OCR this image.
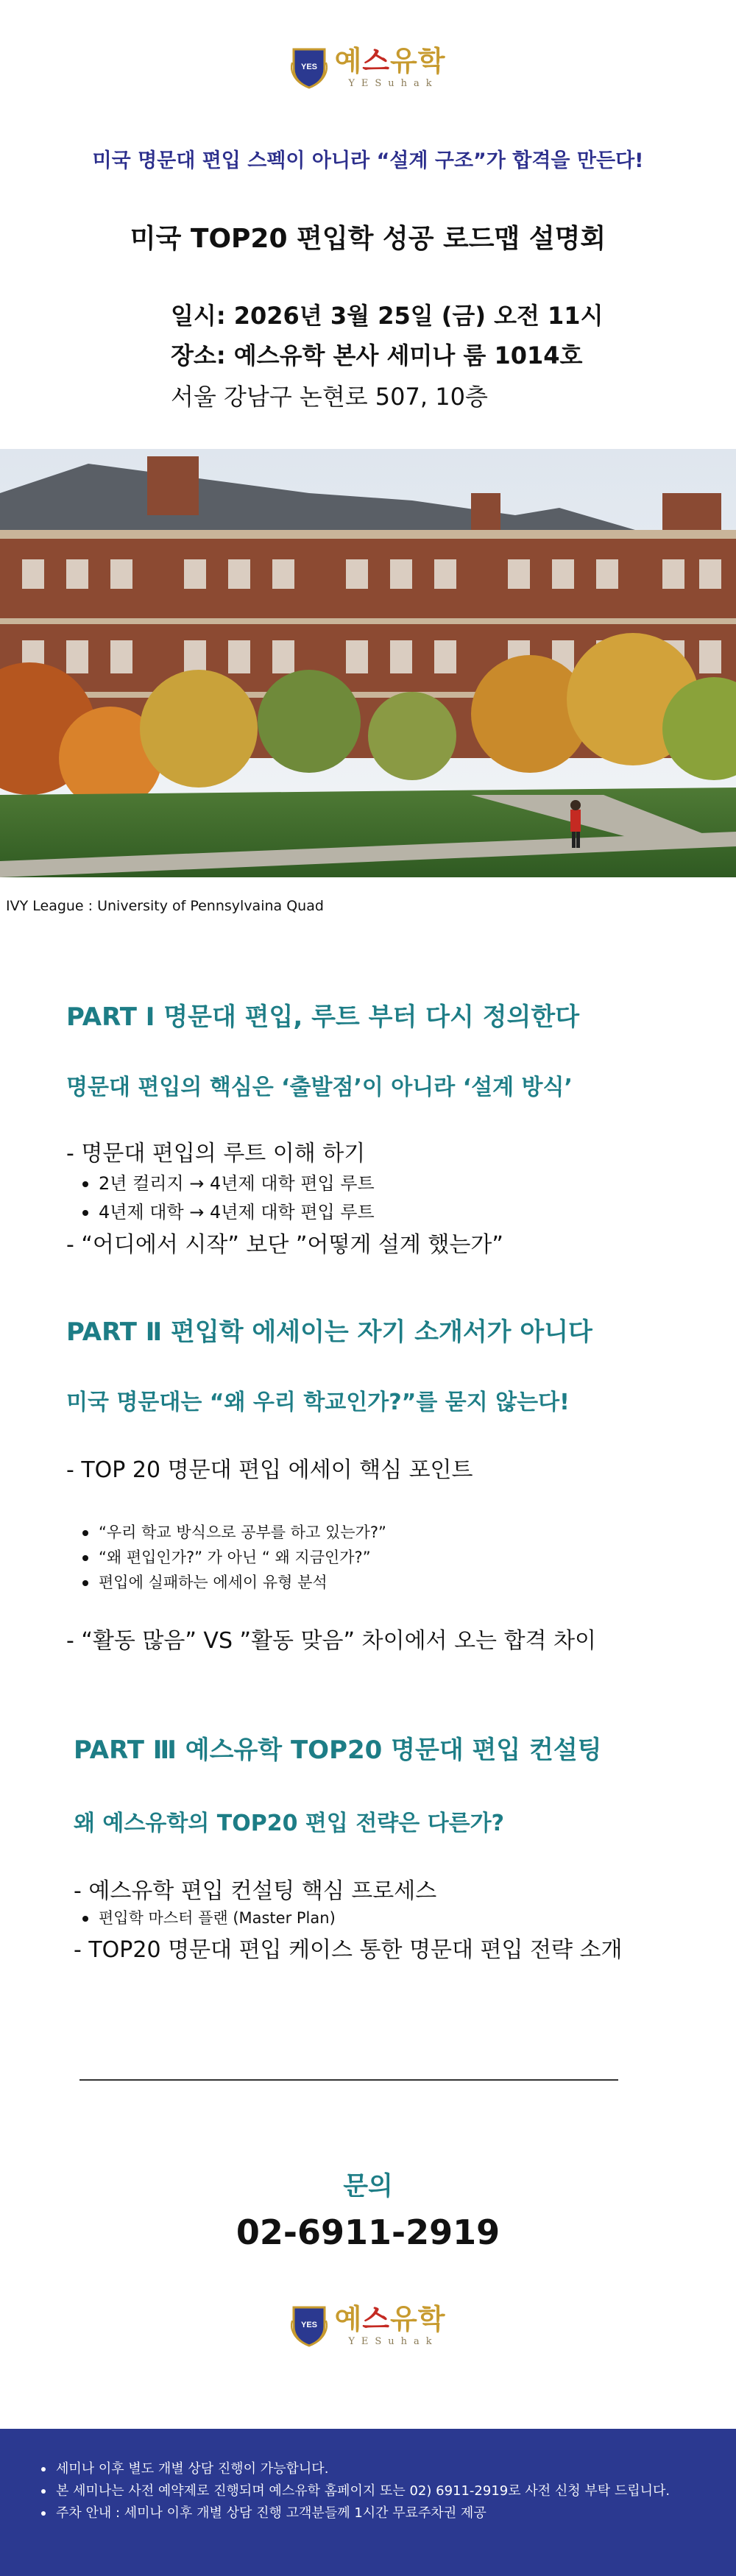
YES 예스유학
YESuhak
미국 명문대 편입 스펙이 아니라 “설계 구조”가 합격을 만든다!
미국 TOP20 편입학 성공 로드맵 설명회
일시: 2026년 3월 25일 (금) 오전 11시
장소: 예스유학 본사 세미나 룸 1014호
서울 강남구 논현로 507, 10층
IVY League : University of Pennsylvaina Quad
PART Ⅰ 명문대 편입, 루트 부터 다시 정의한다
명문대 편입의 핵심은 ‘출발점’이 아니라 ‘설계 방식’
- 명문대 편입의 루트 이해 하기
2년 컬리지 → 4년제 대학 편입 루트
4년제 대학 → 4년제 대학 편입 루트
- “어디에서 시작” 보단 ”어떻게 설계 했는가”
PART Ⅱ 편입학 에세이는 자기 소개서가 아니다
미국 명문대는 “왜 우리 학교인가?”를 묻지 않는다!
- TOP 20 명문대 편입 에세이 핵심 포인트
“우리 학교 방식으로 공부를 하고 있는가?”
“왜 편입인가?” 가 아닌 “ 왜 지금인가?”
편입에 실패하는 에세이 유형 분석
- “활동 많음” VS ”활동 맞음” 차이에서 오는 합격 차이
PART Ⅲ 예스유학 TOP20 명문대 편입 컨설팅
왜 예스유학의 TOP20 편입 전략은 다른가?
- 예스유학 편입 컨설팅 핵심 프로세스
편입학 마스터 플랜 (Master Plan)
- TOP20 명문대 편입 케이스 통한 명문대 편입 전략 소개
문의
02-6911-2919
YES 예스유학
YESuhak
세미나 이후 별도 개별 상담 진행이 가능합니다.
본 세미나는 사전 예약제로 진행되며 예스유학 홈페이지 또는 02) 6911-2919로 사전 신청 부탁 드립니다.
주차 안내 : 세미나 이후 개별 상담 진행 고객분들께 1시간 무료주차권 제공
